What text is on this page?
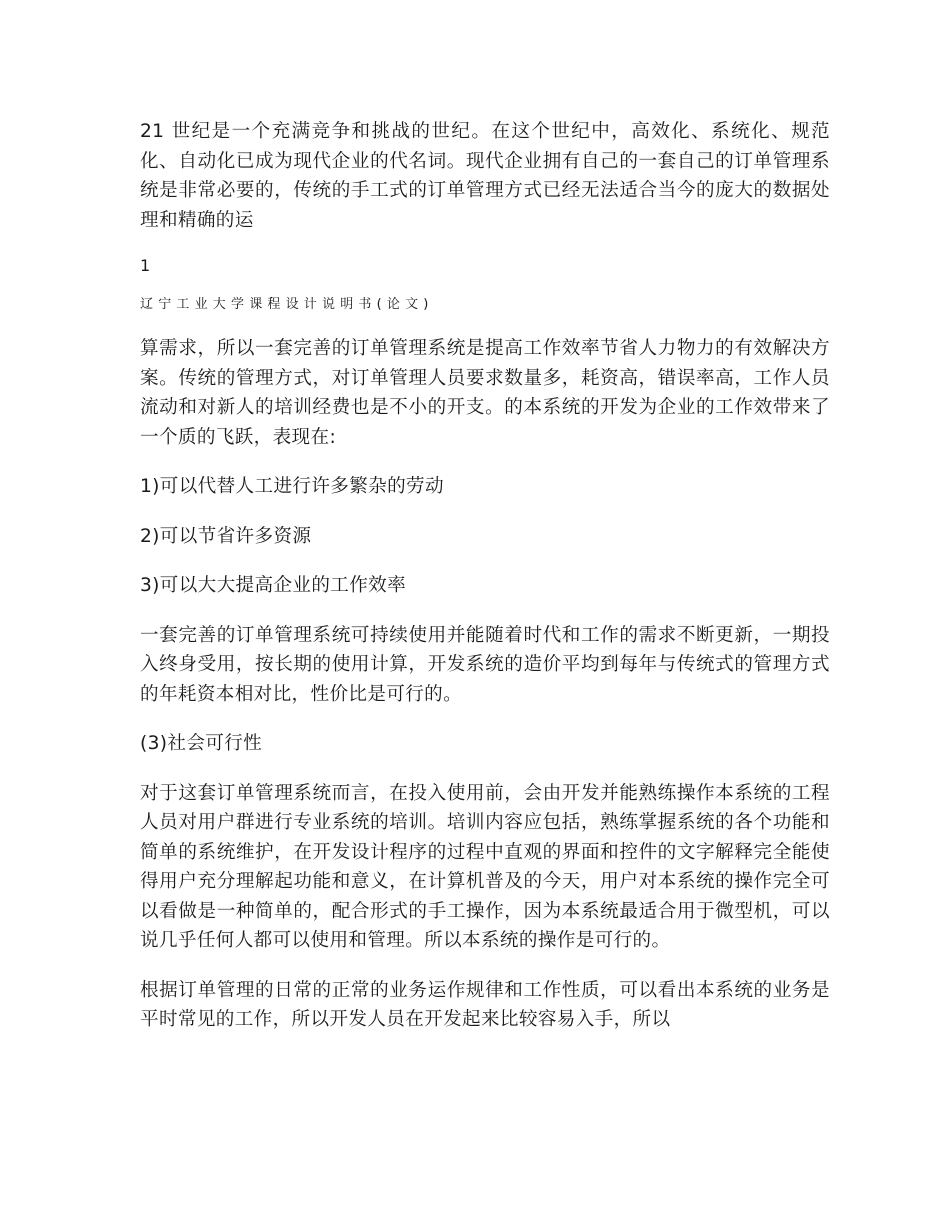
21 世纪是一个充满竞争和挑战的世纪。在这个世纪中，高效化、系统化、规范化、自动化已成为现代企业的代名词。现代企业拥有自己的一套自己的订单管理系统是非常必要的，传统的手工式的订单管理方式已经无法适合当今的庞大的数据处理和精确的运

1
辽宁工业大学课程设计说明书(论文)

算需求，所以一套完善的订单管理系统是提高工作效率节省人力物力的有效解决方案。传统的管理方式，对订单管理人员要求数量多，耗资高，错误率高，工作人员流动和对新人的培训经费也是不小的开支。的本系统的开发为企业的工作效带来了一个质的飞跃，表现在:

1)可以代替人工进行许多繁杂的劳动

2)可以节省许多资源

3)可以大大提高企业的工作效率

一套完善的订单管理系统可持续使用并能随着时代和工作的需求不断更新，一期投入终身受用，按长期的使用计算，开发系统的造价平均到每年与传统式的管理方式的年耗资本相对比，性价比是可行的。

(3)社会可行性

对于这套订单管理系统而言，在投入使用前，会由开发并能熟练操作本系统的工程人员对用户群进行专业系统的培训。培训内容应包括，熟练掌握系统的各个功能和简单的系统维护，在开发设计程序的过程中直观的界面和控件的文字解释完全能使得用户充分理解起功能和意义，在计算机普及的今天，用户对本系统的操作完全可以看做是一种简单的，配合形式的手工操作，因为本系统最适合用于微型机，可以说几乎任何人都可以使用和管理。所以本系统的操作是可行的。

根据订单管理的日常的正常的业务运作规律和工作性质，可以看出本系统的业务是平时常见的工作，所以开发人员在开发起来比较容易入手，所以
